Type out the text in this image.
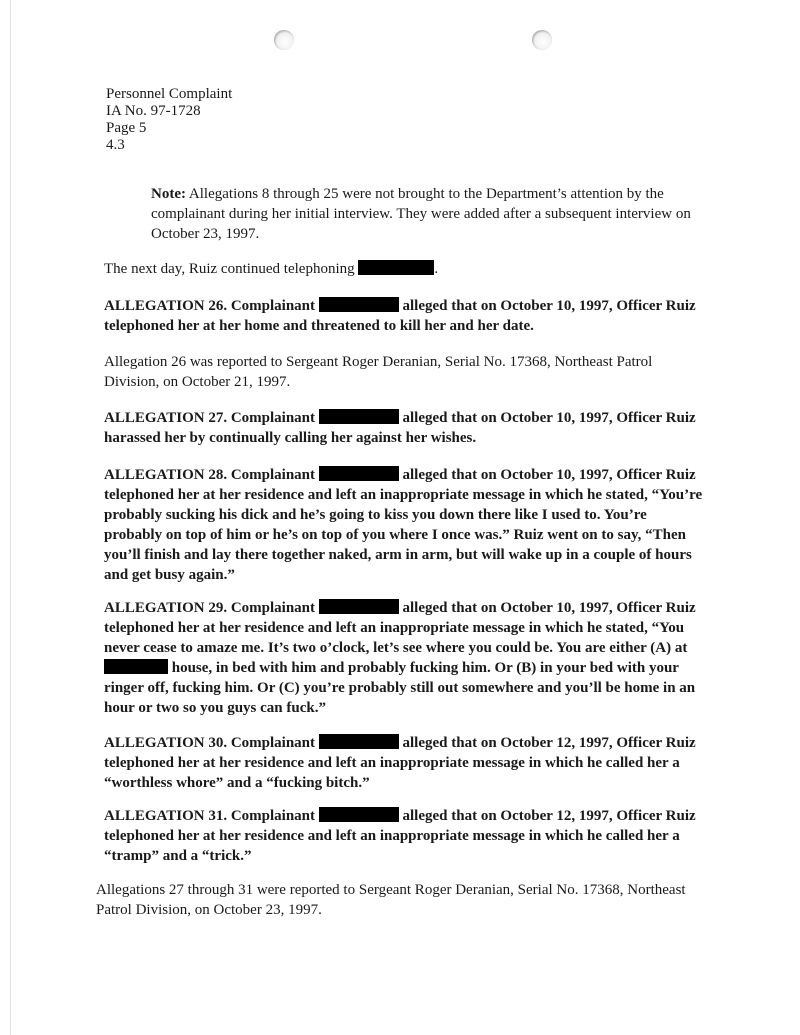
Personnel Complaint
IA No. 97-1728
Page 5
4.3
Note: Allegations 8 through 25 were not brought to the Department’s attention by the complainant during her initial interview. They were added after a subsequent interview on October 23, 1997.
The next day, Ruiz continued telephoning	.
ALLEGATION 26. Complainant	alleged that on October 10, 1997, Officer Ruiz telephoned her at her home and threatened to kill her and her date.
Allegation 26 was reported to Sergeant Roger Deranian, Serial No. 17368, Northeast Patrol Division, on October 21, 1997.
ALLEGATION 27. Complainant	alleged that on October 10, 1997, Officer Ruiz harassed her by continually calling her against her wishes.
ALLEGATION 28. Complainant	alleged that on October 10, 1997, Officer Ruiz telephoned her at her residence and left an inappropriate message in which he stated, “You’re probably sucking his dick and he’s going to kiss you down there like I used to. You’re probably on top of him or he’s on top of you where I once was.” Ruiz went on to say, “Then you’ll finish and lay there together naked, arm in arm, but will wake up in a couple of hours and get busy again.”
ALLEGATION 29. Complainant	alleged that on October 10, 1997, Officer Ruiz telephoned her at her residence and left an inappropriate message in which he stated, “You never cease to amaze me. It’s two o’clock, let’s see where you could be. You are either (A) at  house, in bed with him and probably fucking him. Or (B) in your bed with your ringer off, fucking him. Or (C) you’re probably still out somewhere and you’ll be home in an hour or two so you guys can fuck.”
ALLEGATION 30. Complainant	alleged that on October 12, 1997, Officer Ruiz telephoned her at her residence and left an inappropriate message in which he called her a “worthless whore” and a “fucking bitch.”
ALLEGATION 31. Complainant	alleged that on October 12, 1997, Officer Ruiz telephoned her at her residence and left an inappropriate message in which he called her a “tramp” and a “trick.”
Allegations 27 through 31 were reported to Sergeant Roger Deranian, Serial No. 17368, Northeast Patrol Division, on October 23, 1997.
